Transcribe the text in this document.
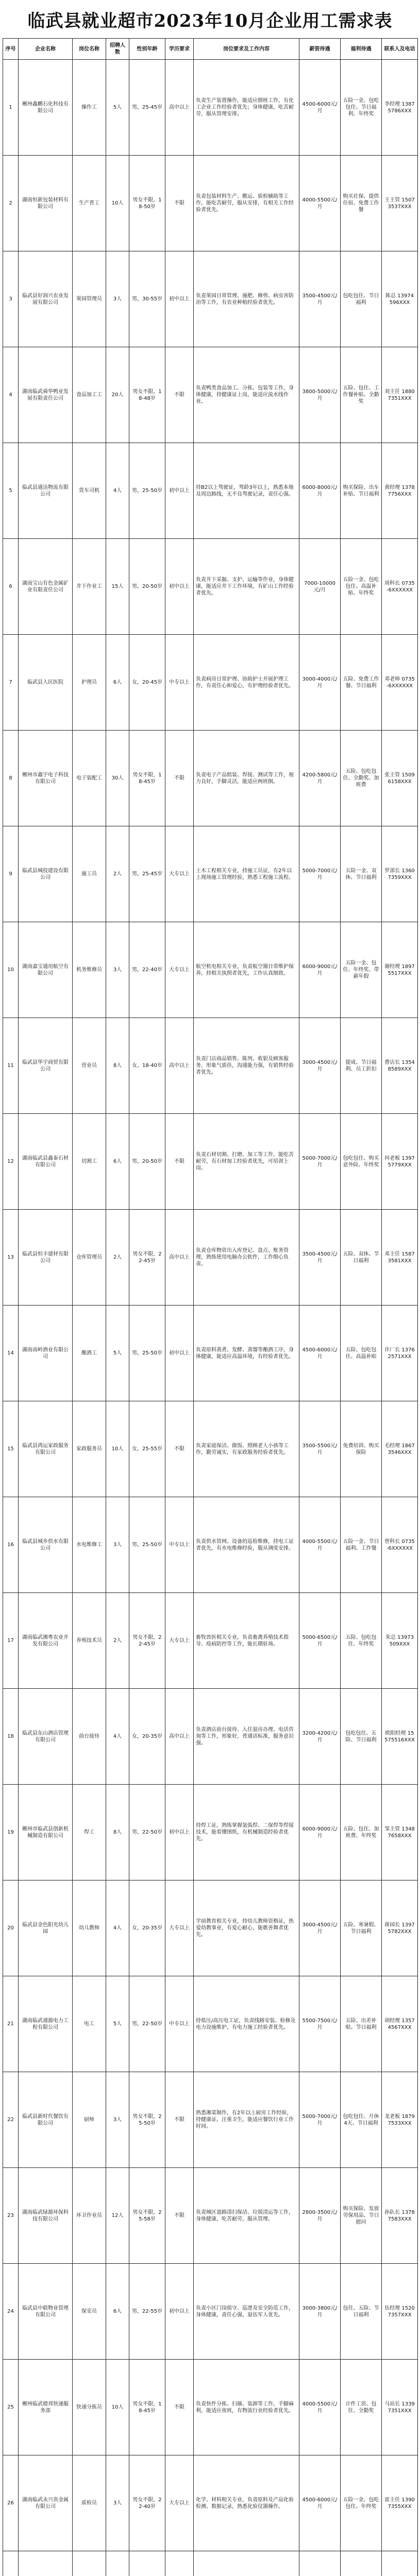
临武县就业超市2023年10月企业用工需求表
序号	企业名称	岗位名称	招聘人数	性别年龄	学历要求	岗位要求及工作内容	薪资待遇	福利待遇	联系人及电话
1	郴州鑫鹏石化科技有限公司	操作工	5人	男，25-45岁	高中以上	负责生产装置操作，能适应倒班工作，有化工企业工作经验者优先；身体健康，吃苦耐劳，服从管理安排。	4500-6000元/月	五险一金、包吃包住、节日福利、年终奖	李经理 13875786XXX
2	湖南恒新包装材料有限公司	生产普工	10人	男女不限，18-50岁	不限	负责包装材料生产、搬运、质检辅助等工作，能吃苦耐劳，服从安排，有相关工作经验者优先。	4000-5500元/月	购买社保、提供住宿、免费工作餐	王主管 15073537XXX
3	临武县好润兴农业发展有限公司	果园管理员	3人	男，30-55岁	初中以上	负责果园日常管理、施肥、修剪、病虫害防治等工作，有农业种植经验者优先。	3500-4500元/月	包吃包住、节日福利	陈总 13974596XXX
4	湖南临武舜华鸭业发展有限责任公司	食品加工工	20人	男女不限，18-48岁	不限	负责鸭类食品加工、分拣、包装等工作，身体健康，持健康证上岗，能适应流水线作业。	3800-5000元/月	五险、包住、工作餐补贴、全勤奖	刘主任 18807351XXX
5	临武县通达物流有限公司	货车司机	4人	男，25-50岁	初中以上	持B2以上驾驶证，驾龄3年以上，熟悉本地及周边路线，无不良驾驶记录，责任心强。	6000-8000元/月	购买保险、出车补贴、节日福利	黄经理 13787756XXX
6	湖南宝山有色金属矿业有限责任公司	井下作业工	15人	男，20-50岁	初中以上	负责井下采掘、支护、运输等作业，身体健康，能适应井下工作环境，有矿山工作经验者优先。	7000-10000元/月	五险一金、包吃包住、高温补贴、年终奖	周科长 0735-6XXXXXX
7	临武县人民医院	护理员	6人	女，20-45岁	中专以上	负责病房日常护理、协助护士开展护理工作，有责任心和爱心，有护理经验者优先。	3000-4000元/月	五险、免费工作餐、节日福利	邓老师 0735-6XXXXXX
8	郴州市鑫宇电子科技有限公司	电子装配工	30人	男女不限，18-45岁	不限	负责电子产品组装、焊接、测试等工作，视力良好，手脚灵活，能适应两班倒。	4200-5800元/月	五险、包吃包住、全勤奖、加班费	张主管 15096158XXX
9	临武县城投建设有限公司	施工员	2人	男，25-45岁	大专以上	土木工程相关专业，持施工员证，有2年以上现场施工管理经验，熟悉工程施工流程。	5000-7000元/月	五险一金、双休、节日福利	罗部长 13607359XXX
10	湖南嘉宝通用航空有限公司	机务维修员	3人	男，22-40岁	大专以上	航空机电相关专业，负责航空器日常维护保养，持相关执照者优先，工作认真细致。	6000-9000元/月	五险一金、包住、年终奖、带薪年假	谢经理 18975517XXX
11	临武县华宇商贸有限公司	营业员	8人	女，18-40岁	高中以上	负责门店商品销售、陈列、收银及顾客服务，形象气质佳，沟通能力强，有销售经验者优先。	3000-4500元/月	提成、节日福利、员工折扣	曹店长 13548589XXX
12	湖南临武县鑫泰石材有限公司	切割工	6人	男，20-50岁	不限	负责石材切割、打磨、加工等工作，能吃苦耐劳，有石材加工经验者优先，可培训上岗。	5000-7000元/月	包吃包住、购买意外险、年终奖	何老板 13975779XXX
13	临武县恒丰建材有限公司	仓库管理员	2人	男女不限，22-45岁	高中以上	负责仓库物资出入库登记、盘点、账务管理，熟练使用电脑办公软件，工作细心负责。	3500-4500元/月	五险、双休、节日福利	邓主任 15873581XXX
14	湖南南岭酒业有限公司	酿酒工	5人	男，25-50岁	初中以上	负责原料蒸煮、发酵、蒸馏等酿酒工序，身体健康，能适应高温环境，有经验者优先。	4500-6000元/月	五险、包吃包住、高温补贴	许厂长 13762571XXX
15	临武县鸿运家政服务有限公司	家政服务员	10人	女，25-55岁	不限	负责家庭保洁、做饭、照顾老人小孩等工作，勤劳诚实，有家政服务经验者优先。	3500-5500元/月	免费培训、购买保险	毛经理 18673546XXX
16	临武县城乡供水有限公司	水电维修工	3人	男，25-50岁	中专以上	负责供水管网、设备的巡检维修，持电工证者优先，有水电维修经验，服从调度安排。	4000-5500元/月	五险一金、节日福利、工作餐	曾科长 0735-6XXXXXX
17	湖南临武湘粤农业开发有限公司	养殖技术员	2人	男女不限，22-45岁	大专以上	畜牧兽医相关专业，负责畜禽养殖技术指导、疫病防控等工作，能长期驻场。	5000-6500元/月	五险、包吃包住、年终奖	朱总 13973509XXX
18	临武县东山酒店管理有限公司	前台接待	4人	女，20-35岁	高中以上	负责酒店前台接待、入住退房办理、电话咨询等工作，形象好，普通话标准，服务意识强。	3200-4200元/月	包吃包住、五险、节日福利	欧阳经理 15575516XXX
19	郴州市临武县创新机械制造有限公司	焊工	8人	男，22-50岁	初中以上	持焊工证，熟练掌握氩弧焊、二保焊等焊接技术，能看懂图纸，有机械制造经验者优先。	6000-9000元/月	五险、包住、加班费、年终奖	邹主管 13487658XXX
20	临武县金色阳光幼儿园	幼儿教师	4人	女，20-35岁	大专以上	学前教育相关专业，持幼儿教师资格证，热爱幼教事业，有爱心耐心，能歌善舞者优先。	3000-4500元/月	五险、寒暑假、节日福利	蒋园长 13975782XXX
21	湖南临武通源电力工程有限公司	电工	5人	男，22-50岁	中专以上	持低压/高压电工证，负责线路安装、检修及电力设施维护，有电力施工经验者优先。	5500-7500元/月	五险、出差补贴、节日福利	胡经理 13574567XXX
22	临武县新时代餐饮有限公司	厨师	3人	男女不限，25-50岁	不限	熟悉湘菜制作，有2年以上厨房工作经验，持健康证，注重卫生，能适应餐饮行业工作时间。	5000-7000元/月	包吃包住、月休4天、节日福利	龙老板 18797533XXX
23	湖南临武绿源环保科技有限公司	环卫作业员	12人	男女不限，25-58岁	不限	负责城区道路清扫保洁、垃圾清运等工作，身体健康，吃苦耐劳，服从管理。	2800-3500元/月	购买保险、发放劳保用品、节日慰问	孙队长 13787583XXX
24	临武县中联物业管理有限公司	保安员	6人	男，22-55岁	初中以上	负责小区门岗值守、巡逻及安全防范工作，身体健康，责任心强，退伍军人优先。	3000-3800元/月	包住、五险、节日福利	伍经理 15207357XXX
25	郴州临武德邦快递服务部	快递分拣员	10人	男女不限，18-45岁	不限	负责快件分拣、扫描、装卸等工作，手脚麻利，能适应夜班，有物流行业经验者优先。	4000-5500元/月	计件工资、包住、全勤奖	马站长 13397351XXX
26	湖南临武永兴贵金属有限公司	质检员	3人	男女不限，22-40岁	大专以上	化学、材料相关专业，负责原料及产品化验检测、数据记录，熟悉化验仪器操作。	4500-6000元/月	五险一金、包吃包住、年终奖	雷主任 13907355XXX
